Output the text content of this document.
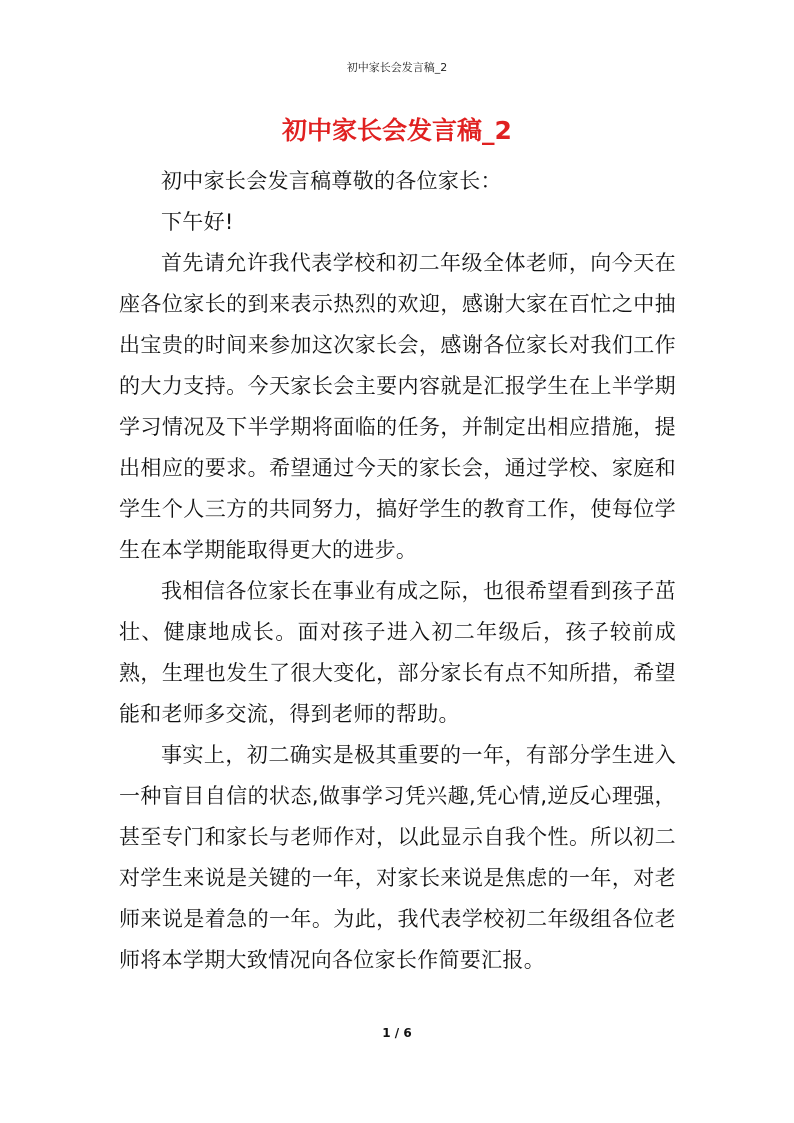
初中家长会发言稿_2
初中家长会发言稿_2

初中家长会发言稿尊敬的各位家长：

下午好!

首先请允许我代表学校和初二年级全体老师，向今天在座各位家长的到来表示热烈的欢迎，感谢大家在百忙之中抽出宝贵的时间来参加这次家长会，感谢各位家长对我们工作的大力支持。今天家长会主要内容就是汇报学生在上半学期学习情况及下半学期将面临的任务，并制定出相应措施，提出相应的要求。希望通过今天的家长会，通过学校、家庭和学生个人三方的共同努力，搞好学生的教育工作，使每位学生在本学期能取得更大的进步。

我相信各位家长在事业有成之际，也很希望看到孩子茁壮、健康地成长。面对孩子进入初二年级后，孩子较前成熟，生理也发生了很大变化，部分家长有点不知所措，希望能和老师多交流，得到老师的帮助。

事实上，初二确实是极其重要的一年，有部分学生进入一种盲目自信的状态,做事学习凭兴趣,凭心情,逆反心理强，甚至专门和家长与老师作对，以此显示自我个性。所以初二对学生来说是关键的一年，对家长来说是焦虑的一年，对老师来说是着急的一年。为此，我代表学校初二年级组各位老师将本学期大致情况向各位家长作简要汇报。

1 / 6
